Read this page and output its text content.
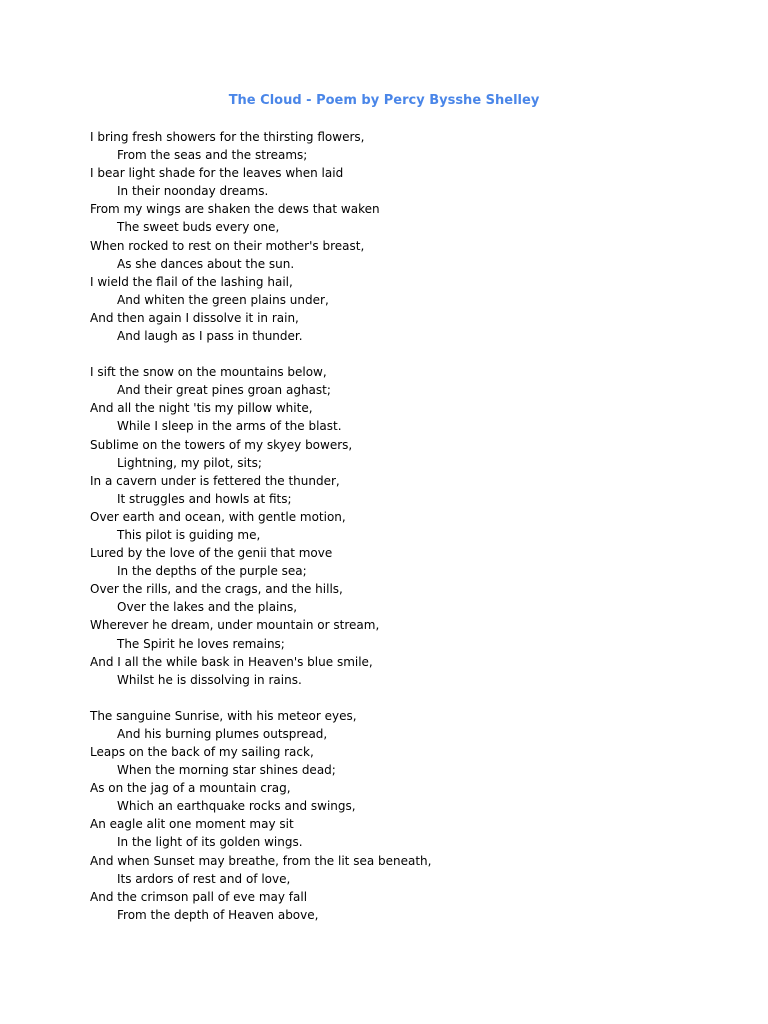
The Cloud - Poem by Percy Bysshe Shelley
I bring fresh showers for the thirsting flowers,
From the seas and the streams;
I bear light shade for the leaves when laid
In their noonday dreams.
From my wings are shaken the dews that waken
The sweet buds every one,
When rocked to rest on their mother's breast,
As she dances about the sun.
I wield the flail of the lashing hail,
And whiten the green plains under,
And then again I dissolve it in rain,
And laugh as I pass in thunder.
I sift the snow on the mountains below,
And their great pines groan aghast;
And all the night 'tis my pillow white,
While I sleep in the arms of the blast.
Sublime on the towers of my skyey bowers,
Lightning, my pilot, sits;
In a cavern under is fettered the thunder,
It struggles and howls at fits;
Over earth and ocean, with gentle motion,
This pilot is guiding me,
Lured by the love of the genii that move
In the depths of the purple sea;
Over the rills, and the crags, and the hills,
Over the lakes and the plains,
Wherever he dream, under mountain or stream,
The Spirit he loves remains;
And I all the while bask in Heaven's blue smile,
Whilst he is dissolving in rains.
The sanguine Sunrise, with his meteor eyes,
And his burning plumes outspread,
Leaps on the back of my sailing rack,
When the morning star shines dead;
As on the jag of a mountain crag,
Which an earthquake rocks and swings,
An eagle alit one moment may sit
In the light of its golden wings.
And when Sunset may breathe, from the lit sea beneath,
Its ardors of rest and of love,
And the crimson pall of eve may fall
From the depth of Heaven above,
